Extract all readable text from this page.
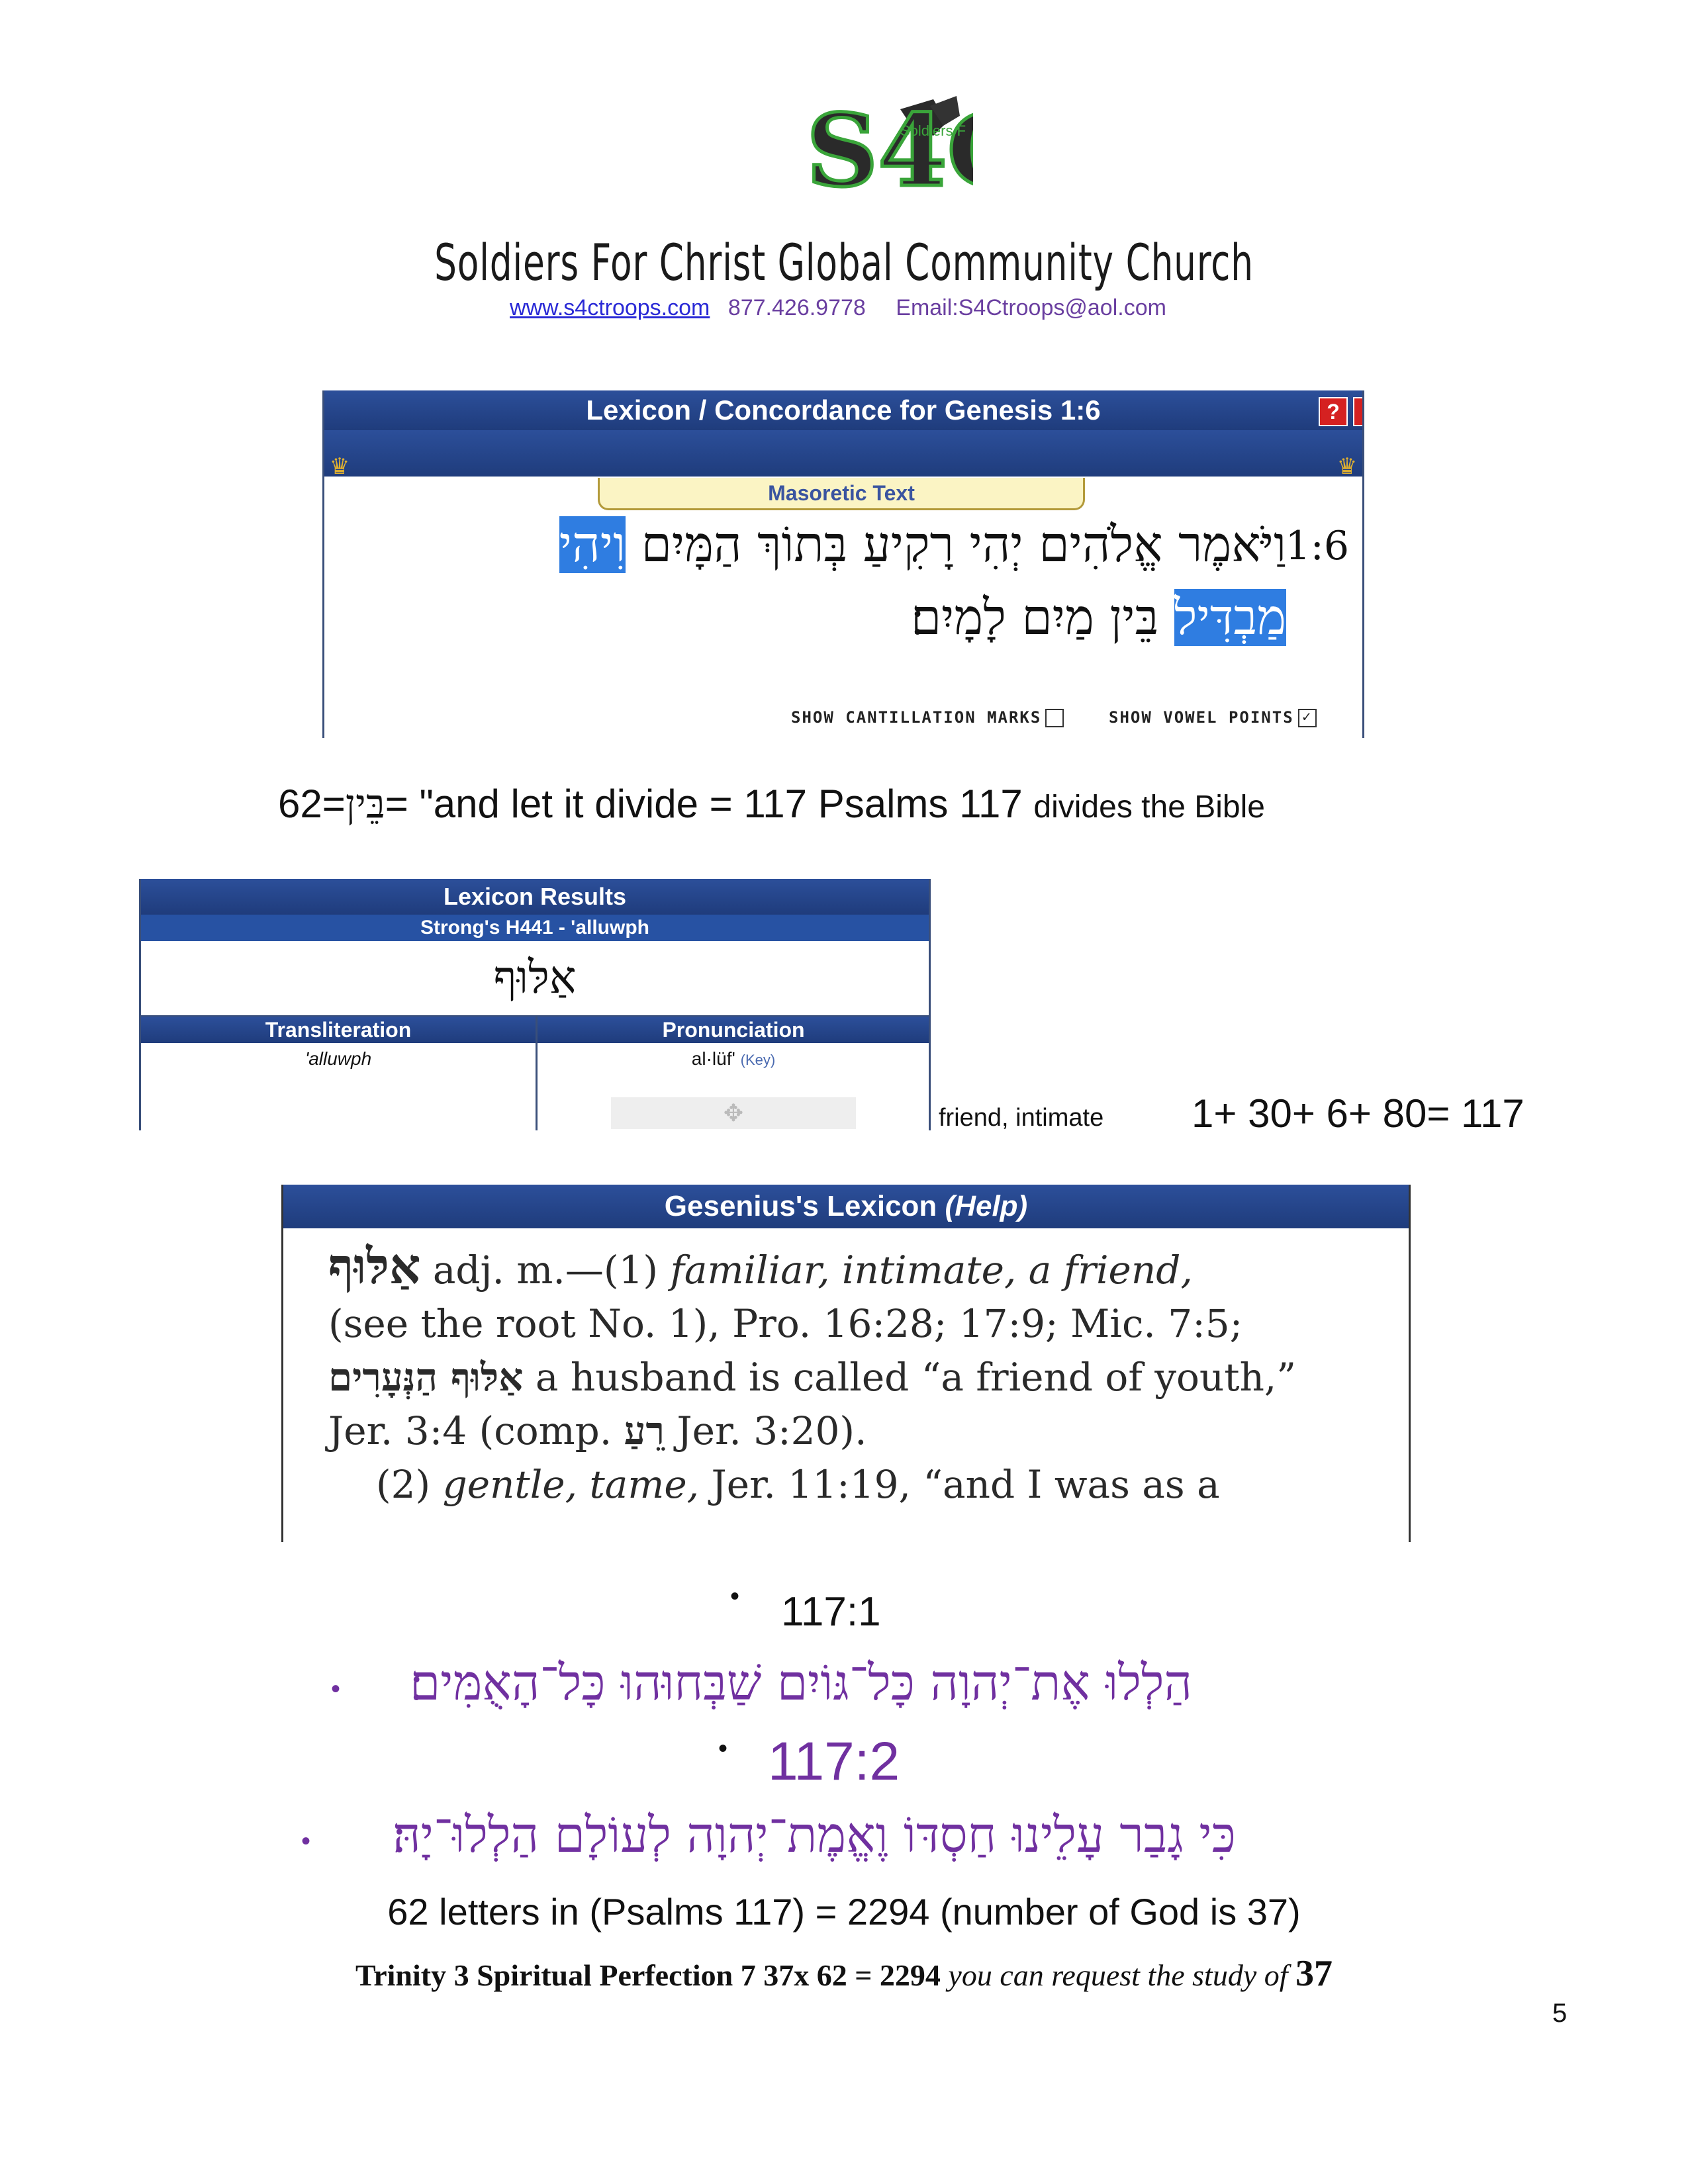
S4
Soldiers F
Soldiers For Christ Global Community Church
www.s4ctroops.com 877.426.9778 Email:S4Ctroops@aol.com
Lexicon / Concordance for Genesis 1:6	?
♛	♛
Masoretic Text
1:6
וַיֹּאמֶר אֱלֹהִים יְהִי רָקִיעַ בְּתוֹךְ הַמָּיִם וִיהִי
מַבְדִּיל בֵּין מַיִם לָמָיִם׃
SHOW CANTILLATION MARKS	SHOW VOWEL POINTS ✓
62=בֵּין= "and let it divide = 117 Psalms 117 divides the Bible
Lexicon Results
Strong's H441 - 'alluwph
אַלּוּף
Transliteration	Pronunciation
'alluwph	al·lüf' (Key)
✥	friend, intimate 1+ 30+ 6+ 80= 117
Gesenius's Lexicon (Help)
אַלּוּף adj. m.—(1) familiar, intimate, a friend,
(see the root No. 1), Pro. 16:28; 17:9; Mic. 7:5;
אַלּוּף הַנְּעָרִים a husband is called “a friend of youth,”
Jer. 3:4 (comp. רֵעַ Jer. 3:20).
(2) gentle, tame, Jer. 11:19, “and I was as a
• 117:1
•	הַלְלוּ אֶת־יְהוָה כָּל־גּוֹיִם שַׁבְּחוּהוּ כָּל־הָאֻמִּים׃
• 117:2
•	כִּי גָבַר עָלֵינוּ חַסְדּוֹ וֶאֱמֶת־יְהוָה לְעוֹלָם הַלְלוּ־יָהּ׃
62 letters in (Psalms 117) = 2294 (number of God is 37)
Trinity 3 Spiritual Perfection 7 37x 62 = 2294 you can request the study of 37
5
